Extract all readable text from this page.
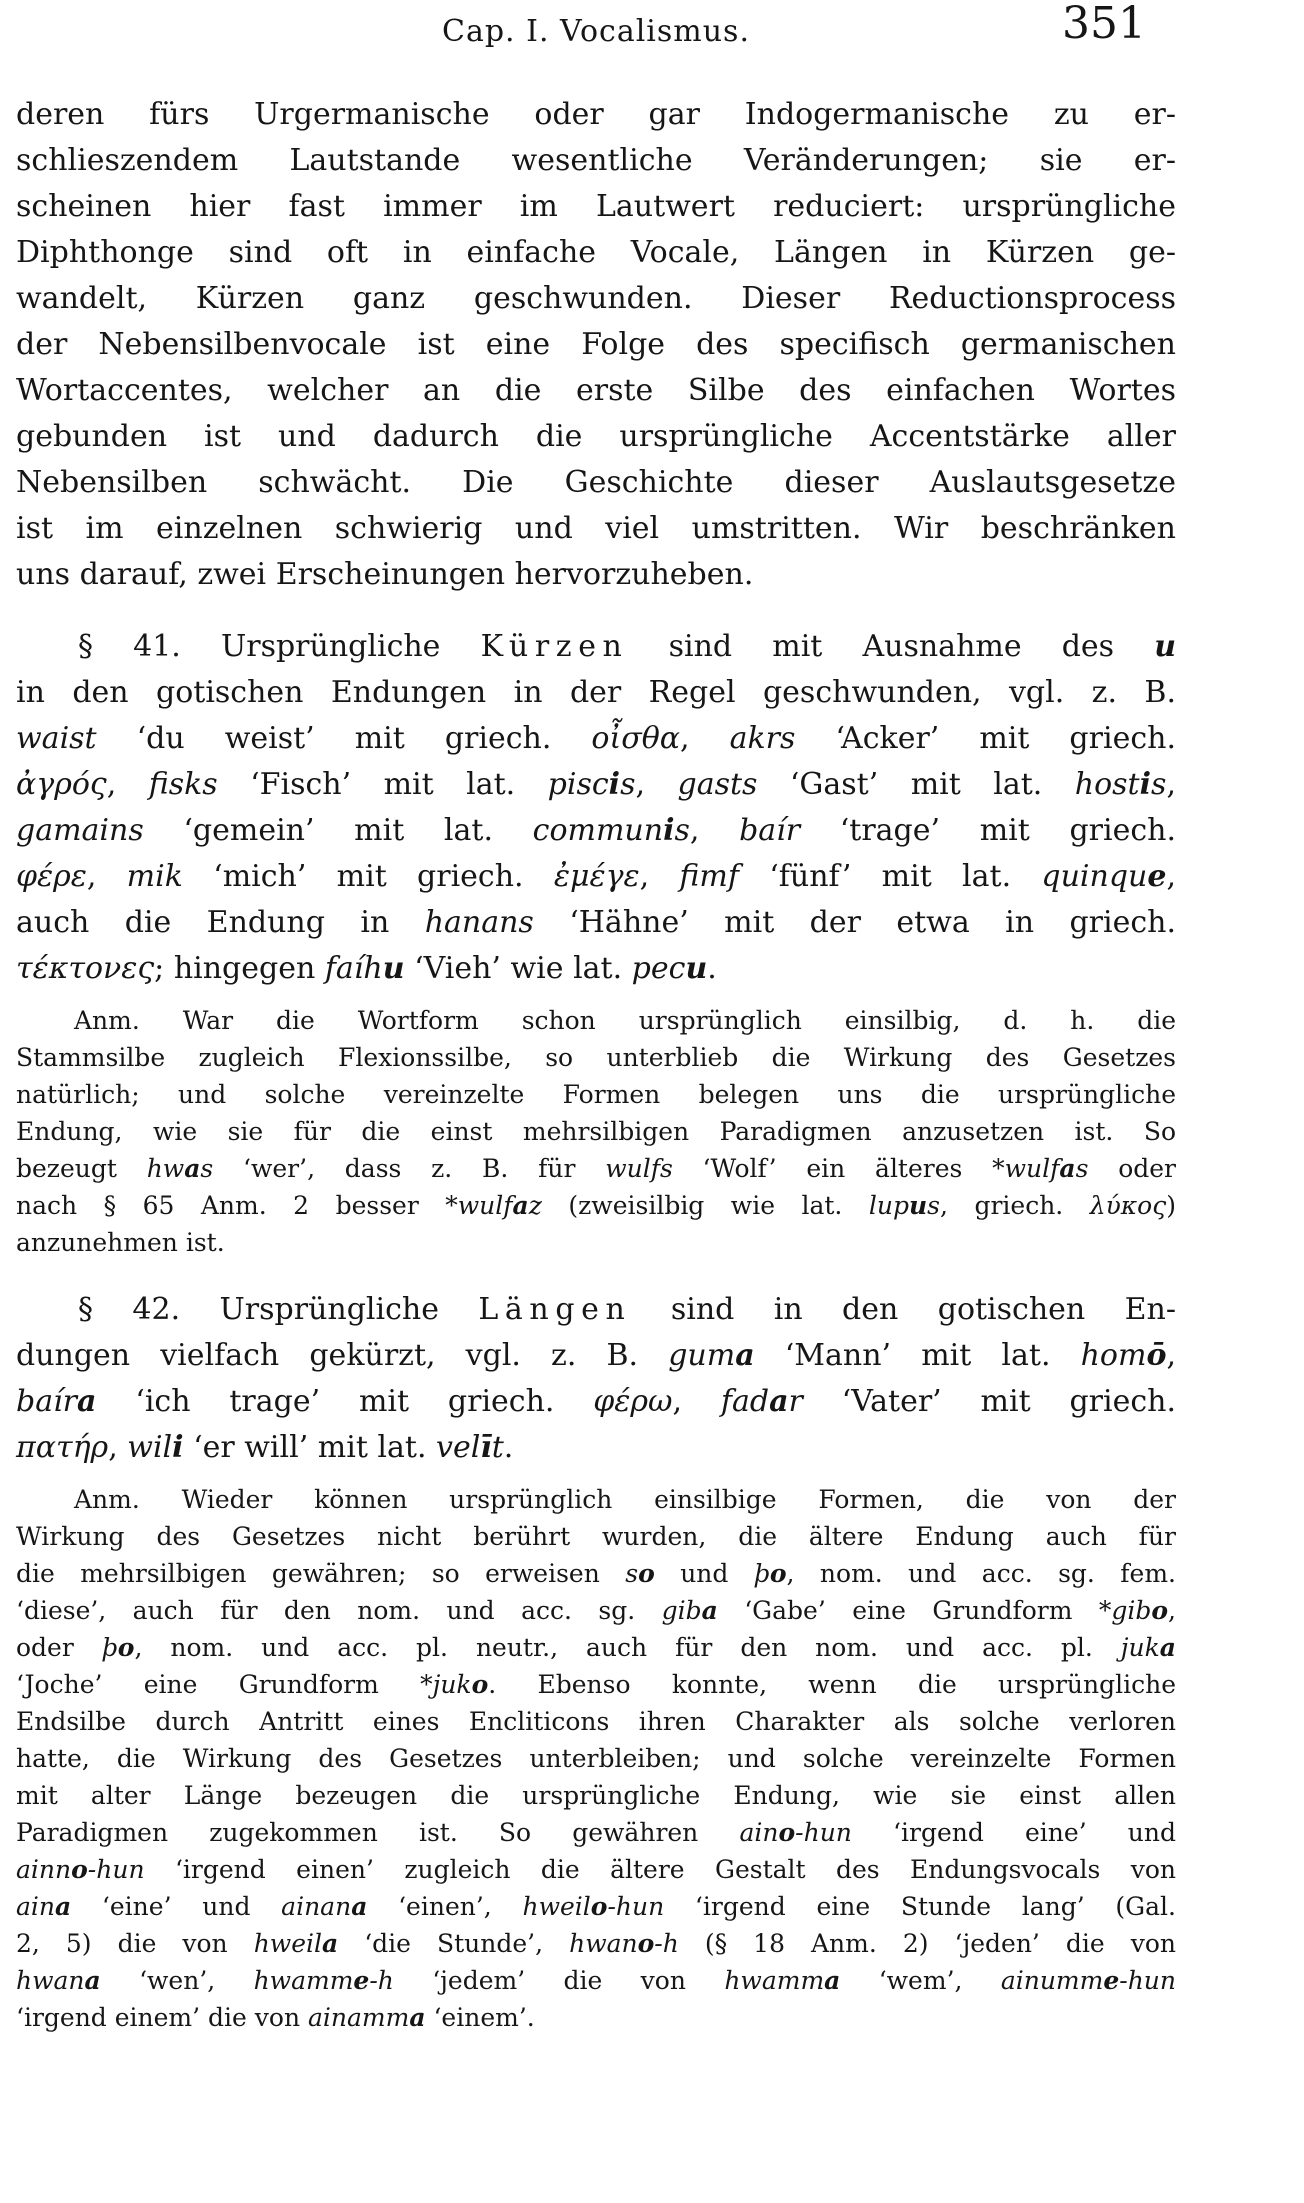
Cap. I. Vocalismus.	351
deren fürs Urgermanische oder gar Indogermanische zu er-
schlieszendem Lautstande wesentliche Veränderungen; sie er-
scheinen hier fast immer im Lautwert reduciert: ursprüngliche
Diphthonge sind oft in einfache Vocale, Längen in Kürzen ge-
wandelt, Kürzen ganz geschwunden. Dieser Reductionsprocess
der Nebensilbenvocale ist eine Folge des specifisch germanischen
Wortaccentes, welcher an die erste Silbe des einfachen Wortes
gebunden ist und dadurch die ursprüngliche Accentstärke aller
Nebensilben schwächt. Die Geschichte dieser Auslautsgesetze
ist im einzelnen schwierig und viel umstritten. Wir beschränken
uns darauf, zwei Erscheinungen hervorzuheben.
§ 41. Ursprüngliche Kürzen sind mit Ausnahme des u
in den gotischen Endungen in der Regel geschwunden, vgl. z. B.
waist ‘du weist’ mit griech. οἶσθα, akrs ‘Acker’ mit griech.
ἀγρός, fisks ‘Fisch’ mit lat. piscis, gasts ‘Gast’ mit lat. hostis,
gamains ‘gemein’ mit lat. communis, baír ‘trage’ mit griech.
φέρε, mik ‘mich’ mit griech. ἐμέγε, fimf ‘fünf’ mit lat. quinque,
auch die Endung in hanans ‘Hähne’ mit der etwa in griech.
τέκτονες; hingegen faíhu ‘Vieh’ wie lat. pecu.
Anm. War die Wortform schon ursprünglich einsilbig, d. h. die
Stammsilbe zugleich Flexionssilbe, so unterblieb die Wirkung des Gesetzes
natürlich; und solche vereinzelte Formen belegen uns die ursprüngliche
Endung, wie sie für die einst mehrsilbigen Paradigmen anzusetzen ist. So
bezeugt hwas ‘wer’, dass z. B. für wulfs ‘Wolf’ ein älteres *wulfas oder
nach § 65 Anm. 2 besser *wulfaz (zweisilbig wie lat. lupus, griech. λύκος)
anzunehmen ist.
§ 42. Ursprüngliche Längen sind in den gotischen En-
dungen vielfach gekürzt, vgl. z. B. guma ‘Mann’ mit lat. homō,
baíra ‘ich trage’ mit griech. φέρω, fadar ‘Vater’ mit griech.
πατήρ, wili ‘er will’ mit lat. velīt.
Anm. Wieder können ursprünglich einsilbige Formen, die von der
Wirkung des Gesetzes nicht berührt wurden, die ältere Endung auch für
die mehrsilbigen gewähren; so erweisen so und þo, nom. und acc. sg. fem.
‘diese’, auch für den nom. und acc. sg. giba ‘Gabe’ eine Grundform *gibo,
oder þo, nom. und acc. pl. neutr., auch für den nom. und acc. pl. juka
‘Joche’ eine Grundform *juko. Ebenso konnte, wenn die ursprüngliche
Endsilbe durch Antritt eines Encliticons ihren Charakter als solche verloren
hatte, die Wirkung des Gesetzes unterbleiben; und solche vereinzelte Formen
mit alter Länge bezeugen die ursprüngliche Endung, wie sie einst allen
Paradigmen zugekommen ist. So gewähren aino-hun ‘irgend eine’ und
ainno-hun ‘irgend einen’ zugleich die ältere Gestalt des Endungsvocals von
aina ‘eine’ und ainana ‘einen’, hweilo-hun ‘irgend eine Stunde lang’ (Gal.
2, 5) die von hweila ‘die Stunde’, hwano-h (§ 18 Anm. 2) ‘jeden’ die von
hwana ‘wen’, hwamme-h ‘jedem’ die von hwamma ‘wem’, ainumme-hun
‘irgend einem’ die von ainamma ‘einem’.
